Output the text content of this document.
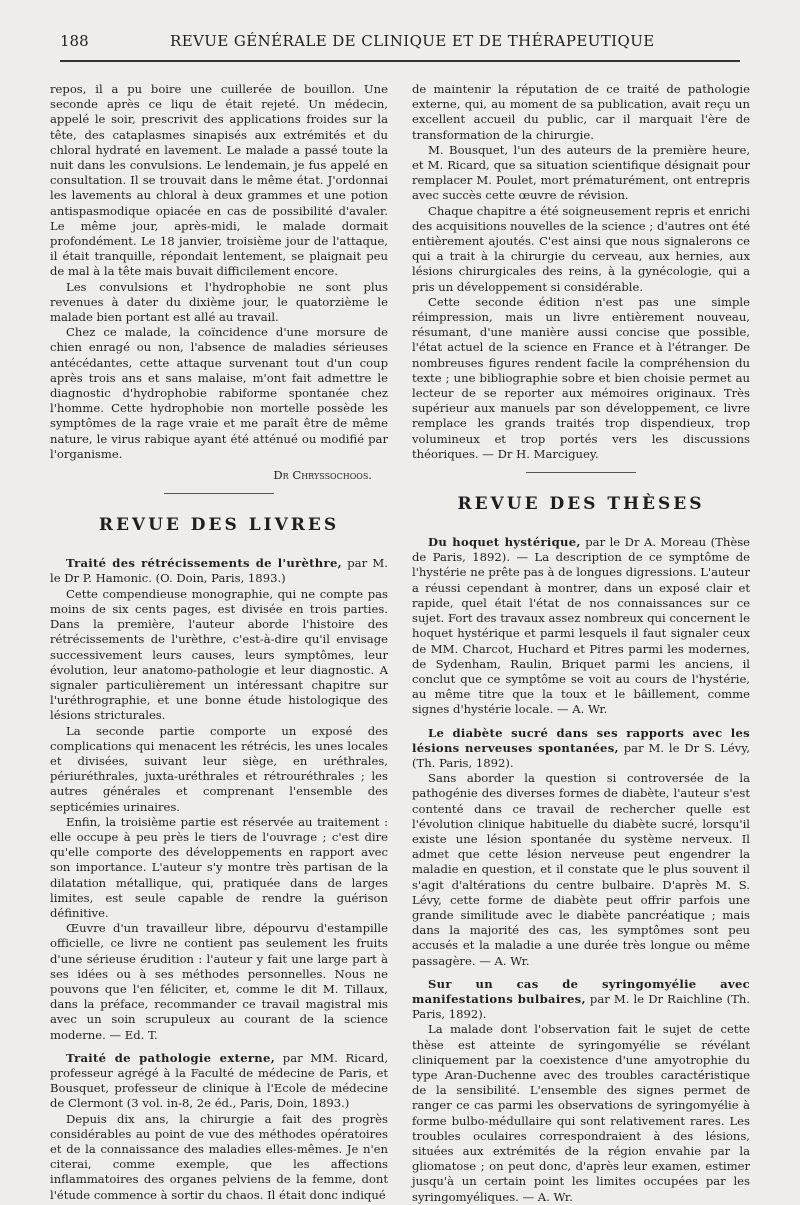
188	REVUE GÉNÉRALE DE CLINIQUE ET DE THÉRAPEUTIQUE

repos, il a pu boire une cuillerée de bouillon. Une seconde après ce liqu de était rejeté. Un médecin, appelé le soir, prescrivit des applications froides sur la tête, des cataplasmes sinapisés aux extrémités et du chloral hydraté en lavement. Le malade a passé toute la nuit dans les convulsions. Le lendemain, je fus appelé en consultation. Il se trouvait dans le même état. J'ordonnai les lavements au chloral à deux grammes et une potion antispasmodique opiacée en cas de possibilité d'avaler. Le même jour, après-midi, le malade dormait profondément. Le 18 janvier, troisième jour de l'attaque, il était tranquille, répondait lentement, se plaignait peu de mal à la tête mais buvait difficilement encore.

Les convulsions et l'hydrophobie ne sont plus revenues à dater du dixième jour, le quatorzième le malade bien portant est allé au travail.

Chez ce malade, la coïncidence d'une morsure de chien enragé ou non, l'absence de maladies sérieuses antécédantes, cette attaque survenant tout d'un coup après trois ans et sans malaise, m'ont fait admettre le diagnostic d'hydrophobie rabiforme spontanée chez l'homme. Cette hydrophobie non mortelle possède les symptômes de la rage vraie et me paraît être de même nature, le virus rabique ayant été atténué ou modifié par l'organisme.

Dr Chryssochoos.

REVUE DES LIVRES

Traité des rétrécissements de l'urèthre, par M. le Dr P. Hamonic. (O. Doin, Paris, 1893.)

Cette compendieuse monographie, qui ne compte pas moins de six cents pages, est divisée en trois parties. Dans la première, l'auteur aborde l'histoire des rétrécissements de l'urèthre, c'est-à-dire qu'il envisage successivement leurs causes, leurs symptômes, leur évolution, leur anatomo-pathologie et leur diagnostic. A signaler particulièrement un intéressant chapitre sur l'uréthrographie, et une bonne étude histologique des lésions stricturales.

La seconde partie comporte un exposé des complications qui menacent les rétrécis, les unes locales et divisées, suivant leur siège, en uréthrales, périuréthrales, juxta-uréthrales et rétrouréthrales ; les autres générales et comprenant l'ensemble des septicémies urinaires.

Enfin, la troisième partie est réservée au traitement : elle occupe à peu près le tiers de l'ouvrage ; c'est dire qu'elle comporte des développements en rapport avec son importance. L'auteur s'y montre très partisan de la dilatation métallique, qui, pratiquée dans de larges limites, est seule capable de rendre la guérison définitive.

Œuvre d'un travailleur libre, dépourvu d'estampille officielle, ce livre ne contient pas seulement les fruits d'une sérieuse érudition : l'auteur y fait une large part à ses idées ou à ses méthodes personnelles. Nous ne pouvons que l'en féliciter, et, comme le dit M. Tillaux, dans la préface, recommander ce travail magistral mis avec un soin scrupuleux au courant de la science moderne. — Ed. T.

Traité de pathologie externe, par MM. Ricard, professeur agrégé à la Faculté de médecine de Paris, et Bousquet, professeur de clinique à l'Ecole de médecine de Clermont (3 vol. in-8, 2e éd., Paris, Doin, 1893.)

Depuis dix ans, la chirurgie a fait des progrès considérables au point de vue des méthodes opératoires et de la connaissance des maladies elles-mêmes. Je n'en citerai, comme exemple, que les affections inflammatoires des organes pelviens de la femme, dont l'étude commence à sortir du chaos. Il était donc indiqué

de maintenir la réputation de ce traité de pathologie externe, qui, au moment de sa publication, avait reçu un excellent accueil du public, car il marquait l'ère de transformation de la chirurgie.

M. Bousquet, l'un des auteurs de la première heure, et M. Ricard, que sa situation scientifique désignait pour remplacer M. Poulet, mort prématurément, ont entrepris avec succès cette œuvre de révision.

Chaque chapitre a été soigneusement repris et enrichi des acquisitions nouvelles de la science ; d'autres ont été entièrement ajoutés. C'est ainsi que nous signalerons ce qui a trait à la chirurgie du cerveau, aux hernies, aux lésions chirurgicales des reins, à la gynécologie, qui a pris un développement si considérable.

Cette seconde édition n'est pas une simple réimpression, mais un livre entièrement nouveau, résumant, d'une manière aussi concise que possible, l'état actuel de la science en France et à l'étranger. De nombreuses figures rendent facile la compréhension du texte ; une bibliographie sobre et bien choisie permet au lecteur de se reporter aux mémoires originaux. Très supérieur aux manuels par son développement, ce livre remplace les grands traités trop dispendieux, trop volumineux et trop portés vers les discussions théoriques. — Dr H. Marciguey.

REVUE DES THÈSES

Du hoquet hystérique, par le Dr A. Moreau (Thèse de Paris, 1892). — La description de ce symptôme de l'hystérie ne prête pas à de longues digressions. L'auteur a réussi cependant à montrer, dans un exposé clair et rapide, quel était l'état de nos connaissances sur ce sujet. Fort des travaux assez nombreux qui concernent le hoquet hystérique et parmi lesquels il faut signaler ceux de MM. Charcot, Huchard et Pitres parmi les modernes, de Sydenham, Raulin, Briquet parmi les anciens, il conclut que ce symptôme se voit au cours de l'hystérie, au même titre que la toux et le bâillement, comme signes d'hystérie locale. — A. Wr.

Le diabète sucré dans ses rapports avec les lésions nerveuses spontanées, par M. le Dr S. Lévy, (Th. Paris, 1892).

Sans aborder la question si controversée de la pathogénie des diverses formes de diabète, l'auteur s'est contenté dans ce travail de rechercher quelle est l'évolution clinique habituelle du diabète sucré, lorsqu'il existe une lésion spontanée du système nerveux. Il admet que cette lésion nerveuse peut engendrer la maladie en question, et il constate que le plus souvent il s'agit d'altérations du centre bulbaire. D'après M. S. Lévy, cette forme de diabète peut offrir parfois une grande similitude avec le diabète pancréatique ; mais dans la majorité des cas, les symptômes sont peu accusés et la maladie a une durée très longue ou même passagère. — A. Wr.

Sur un cas de syringomyélie avec manifestations bulbaires, par M. le Dr Raichline (Th. Paris, 1892).

La malade dont l'observation fait le sujet de cette thèse est atteinte de syringomyélie se révélant cliniquement par la coexistence d'une amyotrophie du type Aran-Duchenne avec des troubles caractéristique de la sensibilité. L'ensemble des signes permet de ranger ce cas parmi les observations de syringomyélie à forme bulbo-médullaire qui sont relativement rares. Les troubles oculaires correspondraient à des lésions, situées aux extrémités de la région envahie par la gliomatose ; on peut donc, d'après leur examen, estimer jusqu'à un certain point les limites occupées par les syringomyéliques. — A. Wr.
